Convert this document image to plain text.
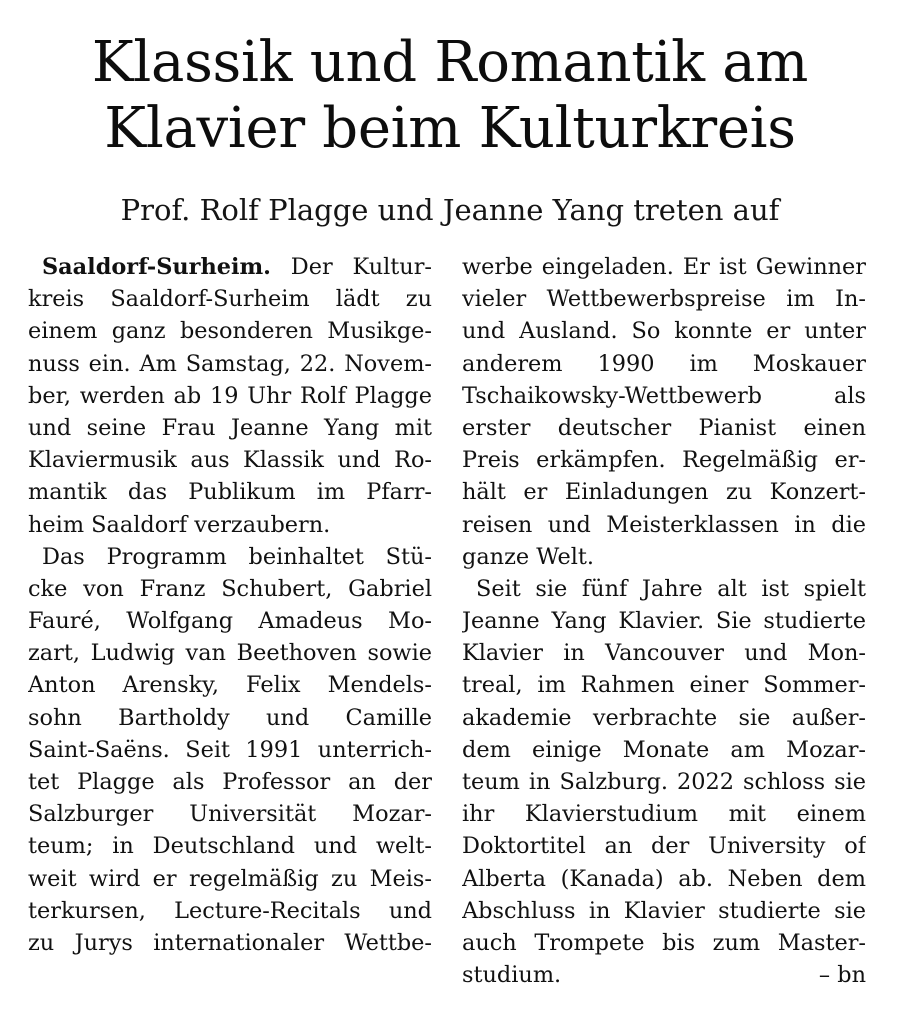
Klassik und Romantik am
Klavier beim Kulturkreis
Prof. Rolf Plagge und Jeanne Yang treten auf
Saaldorf-Surheim. Der Kultur-
kreis Saaldorf-Surheim lädt zu
einem ganz besonderen Musikge-
nuss ein. Am Samstag, 22. Novem-
ber, werden ab 19 Uhr Rolf Plagge
und seine Frau Jeanne Yang mit
Klaviermusik aus Klassik und Ro-
mantik das Publikum im Pfarr-
heim Saaldorf verzaubern.
Das Programm beinhaltet Stü-
cke von Franz Schubert, Gabriel
Fauré, Wolfgang Amadeus Mo-
zart, Ludwig van Beethoven sowie
Anton Arensky, Felix Mendels-
sohn Bartholdy und Camille
Saint-Saëns. Seit 1991 unterrich-
tet Plagge als Professor an der
Salzburger Universität Mozar-
teum; in Deutschland und welt-
weit wird er regelmäßig zu Meis-
terkursen, Lecture-Recitals und
zu Jurys internationaler Wettbe-
werbe eingeladen. Er ist Gewinner
vieler Wettbewerbspreise im In-
und Ausland. So konnte er unter
anderem 1990 im Moskauer
Tschaikowsky-Wettbewerb als
erster deutscher Pianist einen
Preis erkämpfen. Regelmäßig er-
hält er Einladungen zu Konzert-
reisen und Meisterklassen in die
ganze Welt.
Seit sie fünf Jahre alt ist spielt
Jeanne Yang Klavier. Sie studierte
Klavier in Vancouver und Mon-
treal, im Rahmen einer Sommer-
akademie verbrachte sie außer-
dem einige Monate am Mozar-
teum in Salzburg. 2022 schloss sie
ihr Klavierstudium mit einem
Doktortitel an der University of
Alberta (Kanada) ab. Neben dem
Abschluss in Klavier studierte sie
auch Trompete bis zum Master-
studium.	– bn
